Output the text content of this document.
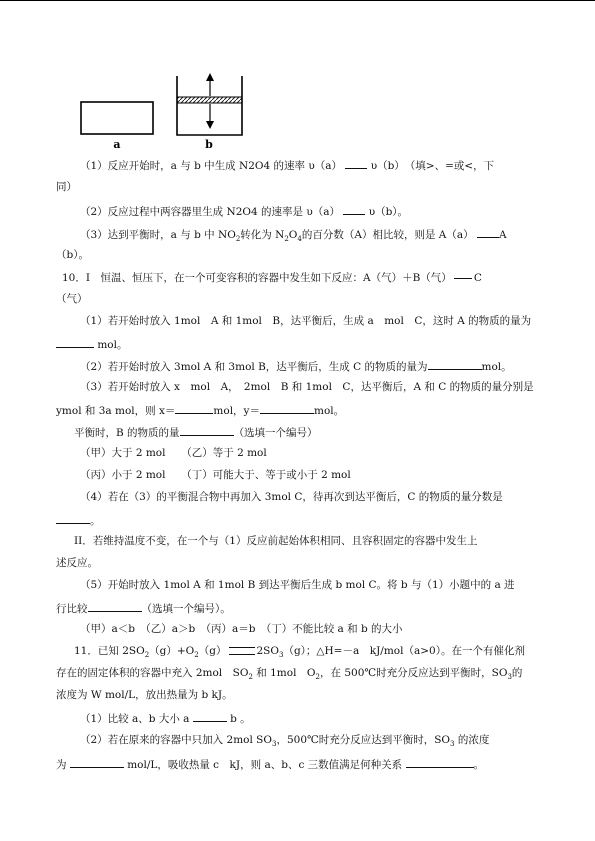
a	b
（1）反应开始时，a 与 b 中生成 N2O4 的速率 υ（a）	υ（b）　（填>、=或<，下
同）
（2）反应过程中两容器里生成 N2O4 的速率是 υ（a）	υ（b）。
（3）达到平衡时，a 与 b 中 $NO_2$转化为 $N_2O_4$的百分数（A）相比较，则是 A（a） A
（b）。
10．Ⅰ　恒温、恒压下，在一个可变容积的容器中发生如下反应：A（气）＋B（气） C
（气）
（1）若开始时放入 1mol　A 和 1mol　B，达平衡后，生成 a　mol　C，这时 A 的物质的量为
mol。
（2）若开始时放入 3mol A 和 3mol B，达平衡后，生成 C 的物质的量为	mol。
（3）若开始时放入 x　mol　A，　2mol　B 和 1mol　C，达平衡后，A 和 C 的物质的量分别是
ymol 和 3a mol，则 x＝	mol，y＝	mol。
平衡时，B 的物质的量	（选填一个编号）
（甲）大于 2 mol　　（乙）等于 2 mol
（丙）小于 2 mol　　（丁）可能大于、等于或小于 2 mol
（4）若在（3）的平衡混合物中再加入 3mol C，待再次到达平衡后，C 的物质的量分数是
。
II．若维持温度不变，在一个与（1）反应前起始体积相同、且容积固定的容器中发生上
述反应。
（5）开始时放入 1mol A 和 1mol B 到达平衡后生成 b mol C。将 b 与（1）小题中的 a 进
行比较	（选填一个编号）。
（甲）a＜b　（乙）a＞b　（丙）a＝b　（丁）不能比较 a 和 b 的大小
11．已知 $2SO_2(g)+O_2(g)$	$2SO_3(g)$；△H=－a　kJ/mol（a>0）。在一个有催化剂
存在的固定体积的容器中充入 2mol　$SO_2$ 和 1mol　$O_2$，在 500℃时充分反应达到平衡时，$SO_3$的
浓度为 W mol/L，放出热量为 b kJ。
（1）比较 a、b 大小 a	b 。
（2）若在原来的容器中只加入 2mol $SO_3$，500℃时充分反应达到平衡时，$SO_3$ 的浓度
为	mol/L，吸收热量 c　kJ，则 a、b、c 三数值满足何种关系	。
